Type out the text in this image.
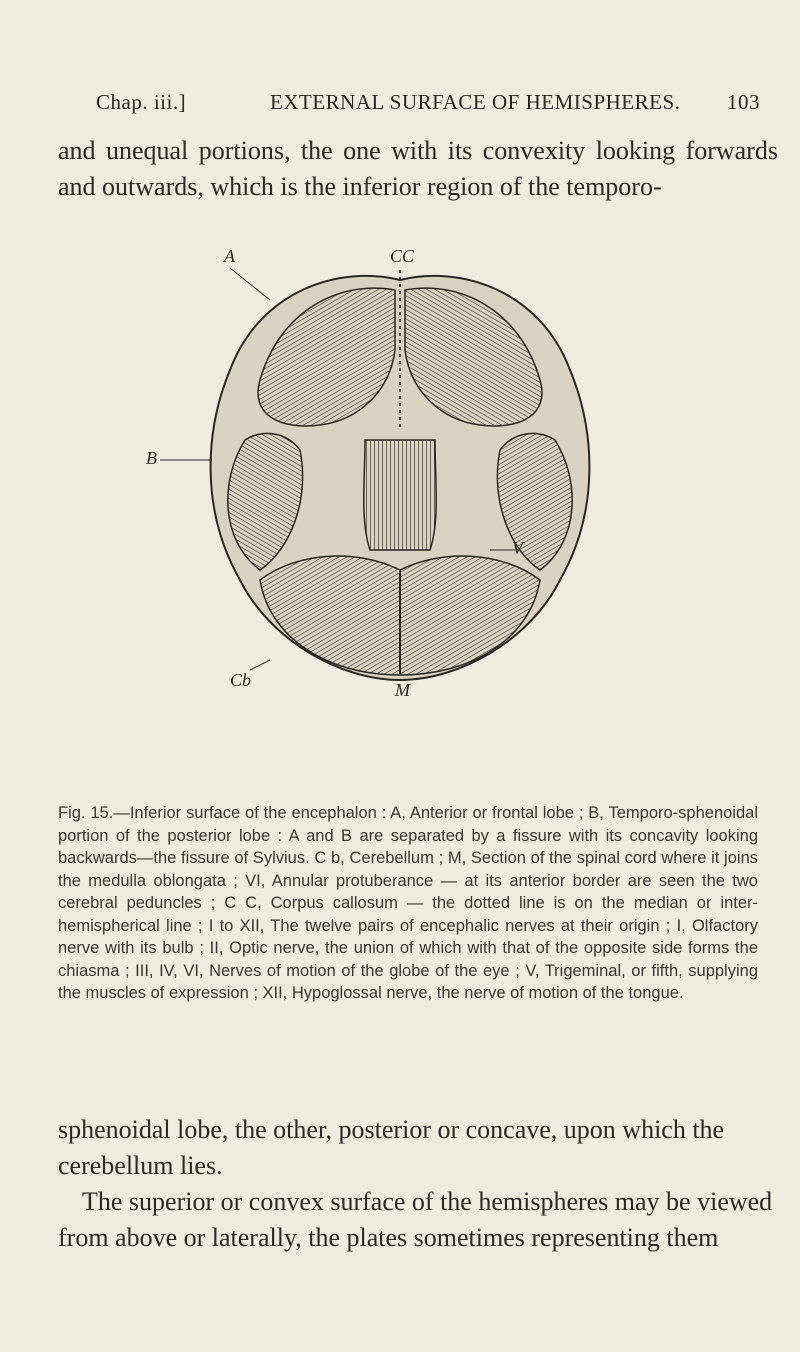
Chap. iii.]	EXTERNAL SURFACE OF HEMISPHERES. 103

and unequal portions, the one with its convexity looking forwards and outwards, which is the inferior region of the temporo-

A	CC
B
V
Cb	M
Fig. 15.—Inferior surface of the encephalon : A, Anterior or frontal lobe ; B, Temporo-sphenoidal portion of the posterior lobe : A and B are separated by a fissure with its concavity looking backwards—the fissure of Sylvius. C b, Cerebellum ; M, Section of the spinal cord where it joins the medulla oblongata ; VI, Annular protuberance — at its anterior border are seen the two cerebral peduncles ; C C, Corpus callosum — the dotted line is on the median or inter-hemispherical line ; I to XII, The twelve pairs of encephalic nerves at their origin ; I, Olfactory nerve with its bulb ; II, Optic nerve, the union of which with that of the opposite side forms the chiasma ; III, IV, VI, Nerves of motion of the globe of the eye ; V, Trigeminal, or fifth, supplying the muscles of expression ; XII, Hypoglossal nerve, the nerve of motion of the tongue.

sphenoidal lobe, the other, posterior or concave, upon which the cerebellum lies.

The superior or convex surface of the hemispheres may be viewed from above or laterally, the plates sometimes representing them
